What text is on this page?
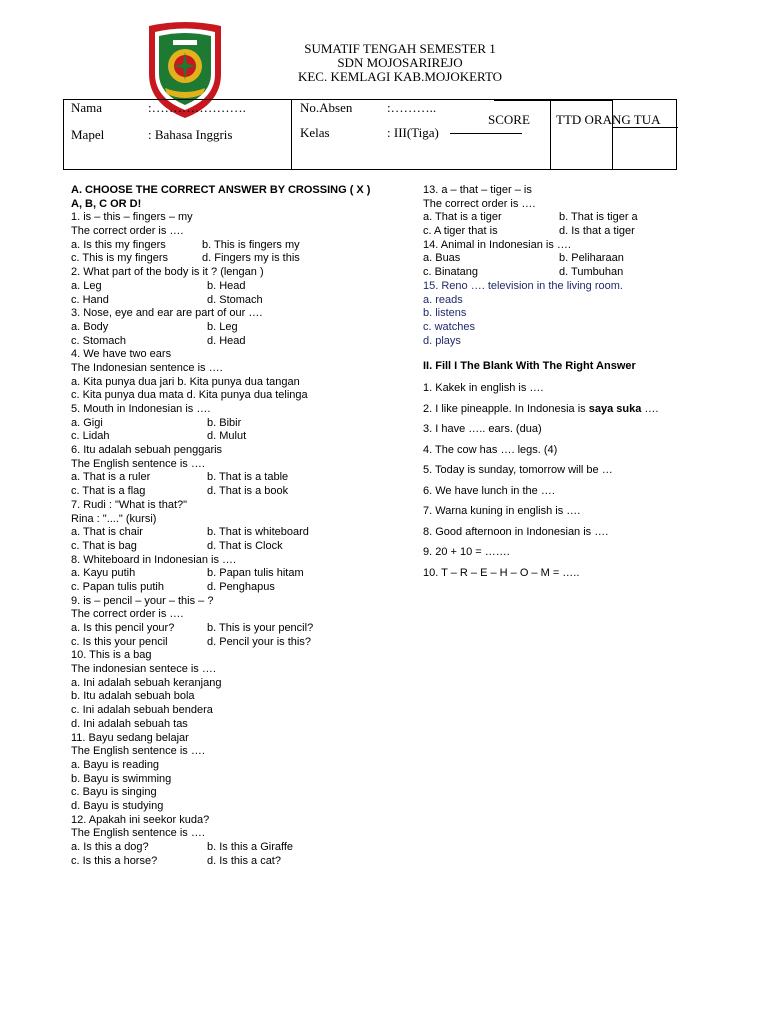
SUMATIF TENGAH SEMESTER 1
SDN MOJOSARIREJO
KEC. KEMLAGI KAB.MOJOKERTO
Nama	:………………….
Mapel	: Bahasa Inggris
No.Absen	:………..
Kelas	: III(Tiga)
SCORE TTD ORANG TUA
A. CHOOSE THE CORRECT ANSWER BY CROSSING ( X )
A, B, C OR D!
1. is – this – fingers – my
The correct order is ….
a. Is this my fingers	b. This is fingers my
c. This is my fingers	d. Fingers my is this
2. What part of the body is it ? (lengan )
a. Leg	b. Head
c. Hand	d. Stomach
3. Nose, eye and ear are part of our ….
a. Body	b. Leg
c. Stomach	d. Head
4. We have two ears
The Indonesian sentence is ….
a. Kita punya dua jari b. Kita punya dua tangan
c. Kita punya dua mata d. Kita punya dua telinga
5. Mouth in Indonesian is ….
a. Gigi	b. Bibir
c. Lidah	d. Mulut
6. Itu adalah sebuah penggaris
The English sentence is ….
a. That is a ruler	b. That is a table
c. That is a flag	d. That is a book
7. Rudi : "What is that?"
Rina : "...." (kursi)
a. That is chair	b. That is whiteboard
c. That is bag	d. That is Clock
8. Whiteboard in Indonesian is ….
a. Kayu putih	b. Papan tulis hitam
c. Papan tulis putih	d. Penghapus
9. is – pencil – your – this – ?
The correct order is ….
a. Is this pencil your?	b. This is your pencil?
c. Is this your pencil	d. Pencil your is this?
10. This is a bag
The indonesian sentece is ….
a. Ini adalah sebuah keranjang
b. Itu adalah sebuah bola
c. Ini adalah sebuah bendera
d. Ini adalah sebuah tas
11. Bayu sedang belajar
The English sentence is ….
a. Bayu is reading
b. Bayu is swimming
c. Bayu is singing
d. Bayu is studying
12. Apakah ini seekor kuda?
The English sentence is ….
a. Is this a dog?	b. Is this a Giraffe
c. Is this a horse?	d. Is this a cat?
13. a – that – tiger – is
The correct order is ….
a. That is a tiger	b. That is tiger a
c. A tiger that is	d. Is that a tiger
14. Animal in Indonesian is ….
a. Buas	b. Peliharaan
c. Binatang	d. Tumbuhan
15. Reno …. television in the living room.
a. reads
b. listens
c. watches
d. plays
II. Fill I The Blank With The Right Answer
1. Kakek in english is ….
2. I like pineapple. In Indonesia is saya suka ….
3. I have ….. ears. (dua)
4. The cow has …. legs. (4)
5. Today is sunday, tomorrow will be …
6. We have lunch in the ….
7. Warna kuning in english is ….
8. Good afternoon in Indonesian is ….
9. 20 + 10 = …….
10. T – R – E – H – O – M = …..
